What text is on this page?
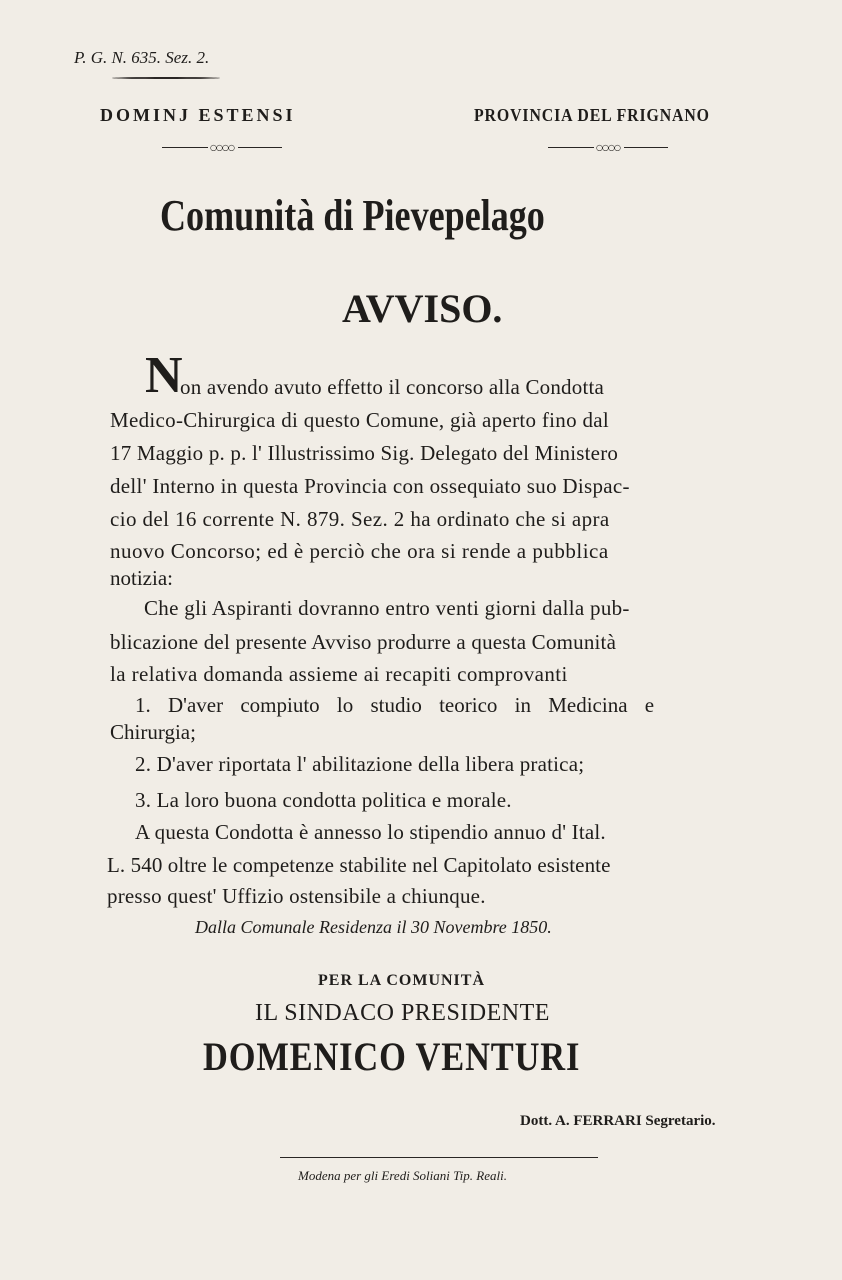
P. G. N. 635. Sez. 2.

DOMINJ ESTENSI	PROVINCIA DEL FRIGNANO

○○○○	○○○○
Comunità di Pievepelago
AVVISO.
N

on avendo avuto effetto il concorso alla Condotta

Medico-Chirurgica di questo Comune, già aperto fino dal

17 Maggio p. p. l' Illustrissimo Sig. Delegato del Ministero

dell' Interno in questa Provincia con ossequiato suo Dispac-

cio del 16 corrente N. 879. Sez. 2 ha ordinato che si apra

nuovo Concorso; ed è perciò che ora si rende a pubblica

notizia:

Che gli Aspiranti dovranno entro venti giorni dalla pub-

blicazione del presente Avviso produrre a questa Comunità

la relativa domanda assieme ai recapiti comprovanti

1. D'aver compiuto lo studio teorico in Medicina e

Chirurgia;

2. D'aver riportata l' abilitazione della libera pratica;

3. La loro buona condotta politica e morale.

A questa Condotta è annesso lo stipendio annuo d' Ital.

L. 540 oltre le competenze stabilite nel Capitolato esistente

presso quest' Uffizio ostensibile a chiunque.

Dalla Comunale Residenza il 30 Novembre 1850.

PER LA COMUNITÀ

IL SINDACO PRESIDENTE

DOMENICO VENTURI

Dott. A. FERRARI Segretario.

Modena per gli Eredi Soliani Tip. Reali.
